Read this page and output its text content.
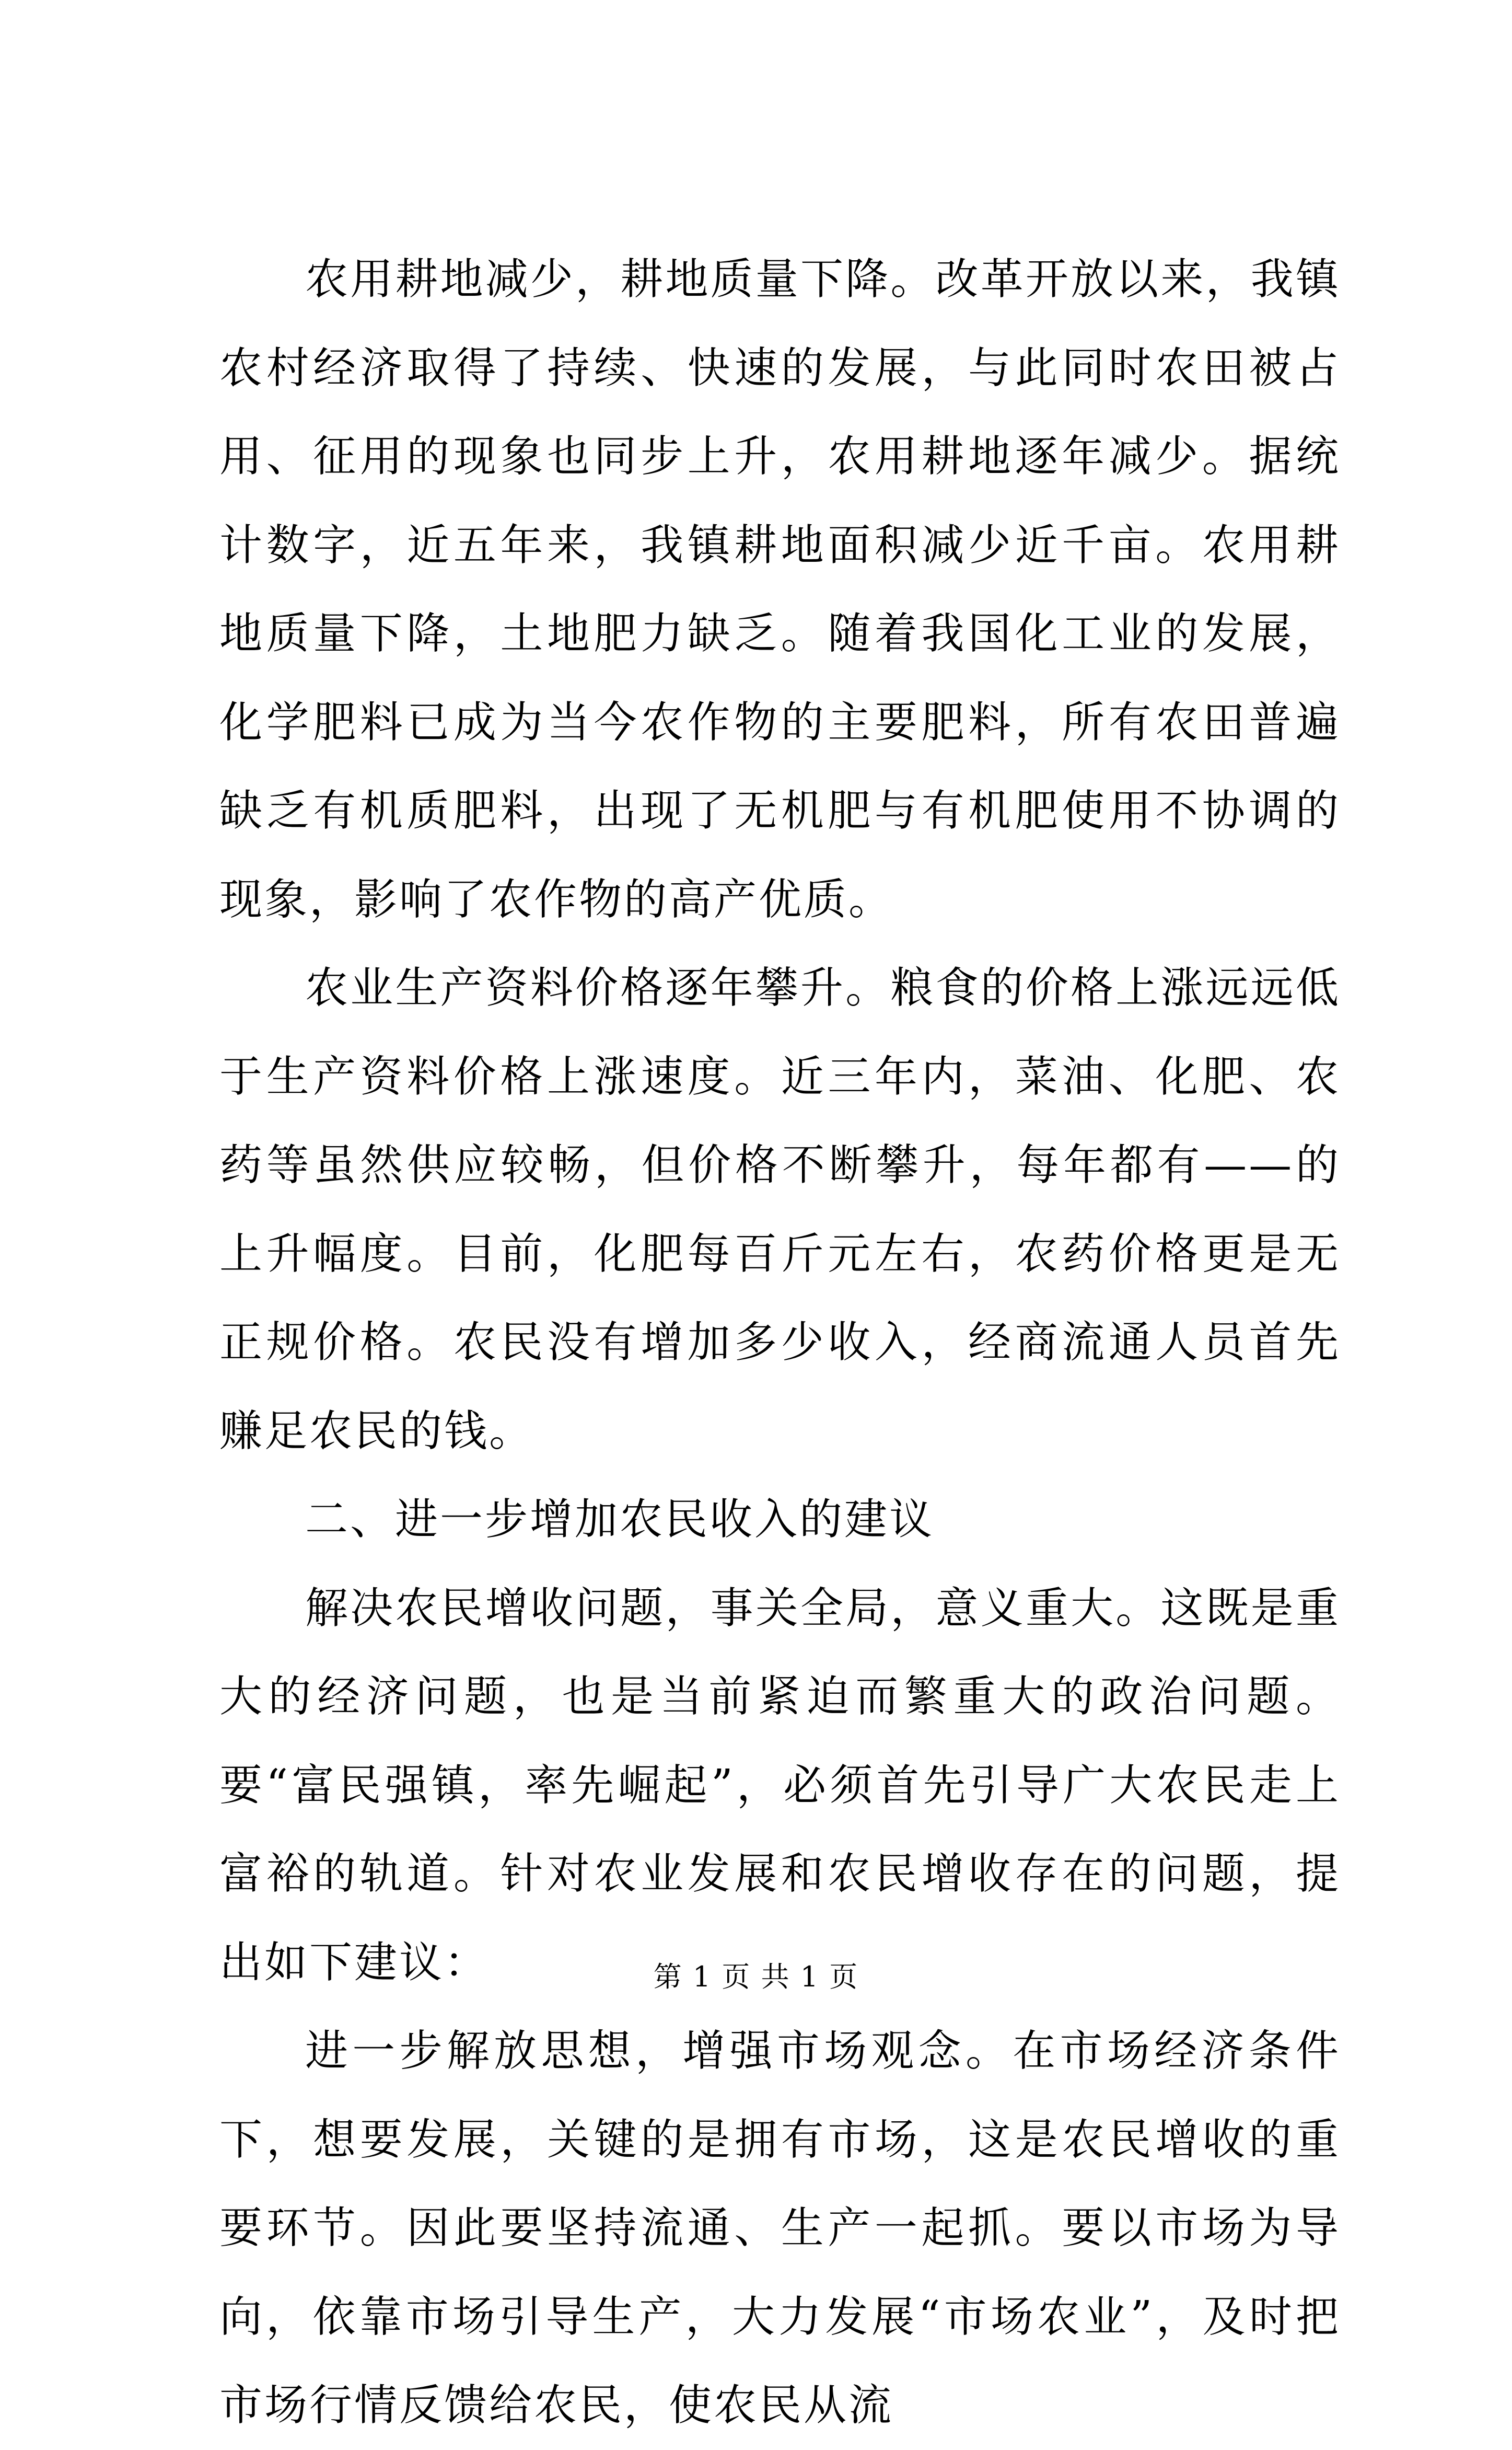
农用耕地减少，耕地质量下降。改革开放以来，我镇农村经济取得了持续、快速的发展，与此同时农田被占用、征用的现象也同步上升，农用耕地逐年减少。据统计数字，近五年来，我镇耕地面积减少近千亩。农用耕地质量下降，土地肥力缺乏。随着我国化工业的发展，化学肥料已成为当今农作物的主要肥料，所有农田普遍缺乏有机质肥料，出现了无机肥与有机肥使用不协调的现象，影响了农作物的高产优质。

农业生产资料价格逐年攀升。粮食的价格上涨远远低于生产资料价格上涨速度。近三年内，菜油、化肥、农药等虽然供应较畅，但价格不断攀升，每年都有——的上升幅度。目前，化肥每百斤元左右，农药价格更是无正规价格。农民没有增加多少收入，经商流通人员首先赚足农民的钱。

二、进一步增加农民收入的建议

解决农民增收问题，事关全局，意义重大。这既是重大的经济问题，也是当前紧迫而繁重大的政治问题。要“富民强镇，率先崛起”，必须首先引导广大农民走上富裕的轨道。针对农业发展和农民增收存在的问题，提出如下建议：

进一步解放思想，增强市场观念。在市场经济条件下，想要发展，关键的是拥有市场，这是农民增收的重要环节。因此要坚持流通、生产一起抓。要以市场为导向，依靠市场引导生产，大力发展“市场农业”，及时把市场行情反馈给农民，使农民从流

第 1 页 共 1 页
